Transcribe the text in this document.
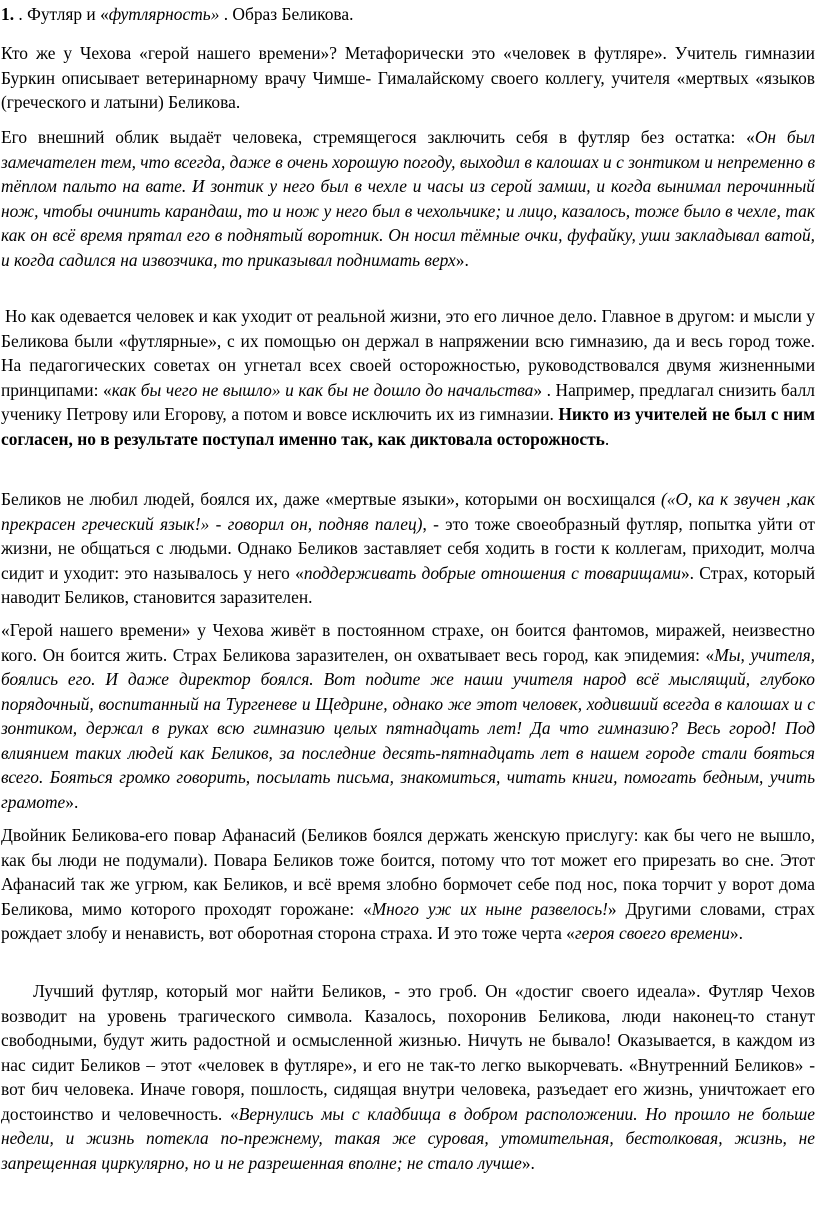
1. . Футляр и «футлярность» . Образ Беликова.

Кто же у Чехова «герой нашего времени»? Метафорически это «человек в футляре». Учитель гимназии Буркин описывает ветеринарному врачу Чимше- Гималайскому своего коллегу, учителя «мертвых «языков (греческого и латыни) Беликова.

Его внешний облик выдаёт человека, стремящегося заключить себя в футляр без остатка: «Он был замечателен тем, что всегда, даже в очень хорошую погоду, выходил в калошах и с зонтиком и непременно в тёплом пальто на вате. И зонтик у него был в чехле и часы из серой замши, и когда вынимал перочинный нож, чтобы очинить карандаш, то и нож у него был в чехольчике; и лицо, казалось, тоже было в чехле, так как он всё время прятал его в поднятый воротник. Он носил тёмные очки, фуфайку, уши закладывал ватой, и когда садился на извозчика, то приказывал поднимать верх».

Но как одевается человек и как уходит от реальной жизни, это его личное дело. Главное в другом: и мысли у Беликова были «футлярные», с их помощью он держал в напряжении всю гимназию, да и весь город тоже. На педагогических советах он угнетал всех своей осторожностью, руководствовался двумя жизненными принципами: «как бы чего не вышло» и как бы не дошло до начальства» . Например, предлагал снизить балл ученику Петрову или Егорову, а потом и вовсе исключить их из гимназии. Никто из учителей не был с ним согласен, но в результате поступал именно так, как диктовала осторожность.

Беликов не любил людей, боялся их, даже «мертвые языки», которыми он восхищался («О, ка к звучен ,как прекрасен греческий язык!» - говорил он, подняв палец), - это тоже своеобразный футляр, попытка уйти от жизни, не общаться с людьми. Однако Беликов заставляет себя ходить в гости к коллегам, приходит, молча сидит и уходит: это называлось у него «поддерживать добрые отношения с товарищами». Страх, который наводит Беликов, становится заразителен.

«Герой нашего времени» у Чехова живёт в постоянном страхе, он боится фантомов, миражей, неизвестно кого. Он боится жить. Страх Беликова заразителен, он охватывает весь город, как эпидемия: «Мы, учителя, боялись его. И даже директор боялся. Вот подите же наши учителя народ всё мыслящий, глубоко порядочный, воспитанный на Тургеневе и Щедрине, однако же этот человек, ходивший всегда в калошах и с зонтиком, держал в руках всю гимназию целых пятнадцать лет! Да что гимназию? Весь город! Под влиянием таких людей как Беликов, за последние десять-пятнадцать лет в нашем городе стали бояться всего. Бояться громко говорить, посылать письма, знакомиться, читать книги, помогать бедным, учить грамоте».

Двойник Беликова-его повар Афанасий (Беликов боялся держать женскую прислугу: как бы чего не вышло, как бы люди не подумали). Повара Беликов тоже боится, потому что тот может его прирезать во сне. Этот Афанасий так же угрюм, как Беликов, и всё время злобно бормочет себе под нос, пока торчит у ворот дома Беликова, мимо которого проходят горожане: «Много уж их ныне развелось!» Другими словами, страх рождает злобу и ненависть, вот оборотная сторона страха. И это тоже черта «героя своего времени».

Лучший футляр, который мог найти Беликов, - это гроб. Он «достиг своего идеала». Футляр Чехов возводит на уровень трагического символа. Казалось, похоронив Беликова, люди наконец-то станут свободными, будут жить радостной и осмысленной жизнью. Ничуть не бывало! Оказывается, в каждом из нас сидит Беликов – этот «человек в футляре», и его не так-то легко выкорчевать. «Внутренний Беликов» - вот бич человека. Иначе говоря, пошлость, сидящая внутри человека, разъедает его жизнь, уничтожает его достоинство и человечность. «Вернулись мы с кладбища в добром расположении. Но прошло не больше недели, и жизнь потекла по-прежнему, такая же суровая, утомительная, бестолковая, жизнь, не запрещенная циркулярно, но и не разрешенная вполне; не стало лучше».
